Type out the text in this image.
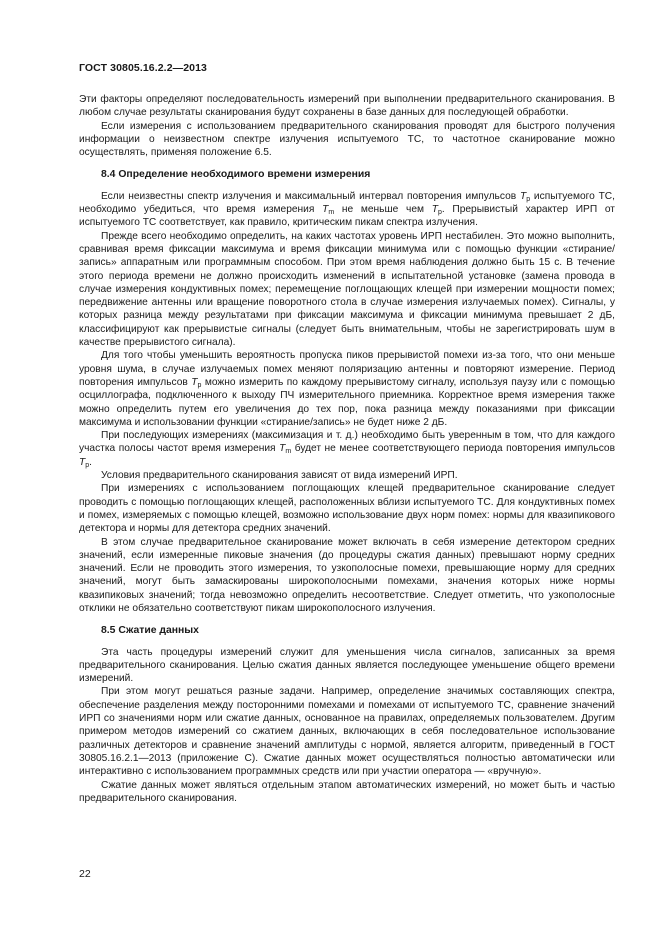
ГОСТ 30805.16.2.2—2013

Эти факторы определяют последовательность измерений при выполнении предварительного сканирования. В любом случае результаты сканирования будут сохранены в базе данных для последующей обработки.

Если измерения с использованием предварительного сканирования проводят для быстрого получения информации о неизвестном спектре излучения испытуемого ТС, то частотное сканирование можно осуществлять, применяя положение 6.5.

8.4 Определение необходимого времени измерения

Если неизвестны спектр излучения и максимальный интервал повторения импульсов $T_p$ испытуемого ТС, необходимо убедиться, что время измерения $T_m$ не меньше чем $T_p$. Прерывистый характер ИРП от испытуемого ТС соответствует, как правило, критическим пикам спектра излучения.

Прежде всего необходимо определить, на каких частотах уровень ИРП нестабилен. Это можно выполнить, сравнивая время фиксации максимума и время фиксации минимума или с помощью функции «стирание/запись» аппаратным или программным способом. При этом время наблюдения должно быть 15 с. В течение этого периода времени не должно происходить изменений в испытательной установке (замена провода в случае измерения кондуктивных помех; перемещение поглощающих клещей при измерении мощности помех; передвижение антенны или вращение поворотного стола в случае измерения излучаемых помех). Сигналы, у которых разница между результатами при фиксации максимума и фиксации минимума превышает 2 дБ, классифицируют как прерывистые сигналы (следует быть внимательным, чтобы не зарегистрировать шум в качестве прерывистого сигнала).

Для того чтобы уменьшить вероятность пропуска пиков прерывистой помехи из-за того, что они меньше уровня шума, в случае излучаемых помех меняют поляризацию антенны и повторяют измерение. Период повторения импульсов $T_p$ можно измерить по каждому прерывистому сигналу, используя паузу или с помощью осциллографа, подключенного к выходу ПЧ измерительного приемника. Корректное время измерения также можно определить путем его увеличения до тех пор, пока разница между показаниями при фиксации максимума и использовании функции «стирание/запись» не будет ниже 2 дБ.

При последующих измерениях (максимизация и т. д.) необходимо быть уверенным в том, что для каждого участка полосы частот время измерения $T_m$ будет не менее соответствующего периода повторения импульсов $T_p$.

Условия предварительного сканирования зависят от вида измерений ИРП.

При измерениях с использованием поглощающих клещей предварительное сканирование следует проводить с помощью поглощающих клещей, расположенных вблизи испытуемого ТС. Для кондуктивных помех и помех, измеряемых с помощью клещей, возможно использование двух норм помех: нормы для квазипикового детектора и нормы для детектора средних значений.

В этом случае предварительное сканирование может включать в себя измерение детектором средних значений, если измеренные пиковые значения (до процедуры сжатия данных) превышают норму средних значений. Если не проводить этого измерения, то узкополосные помехи, превышающие норму для средних значений, могут быть замаскированы широкополосными помехами, значения которых ниже нормы квазипиковых значений; тогда невозможно определить несоответствие. Следует отметить, что узкополосные отклики не обязательно соответствуют пикам широкополосного излучения.

8.5 Сжатие данных

Эта часть процедуры измерений служит для уменьшения числа сигналов, записанных за время предварительного сканирования. Целью сжатия данных является последующее уменьшение общего времени измерений.

При этом могут решаться разные задачи. Например, определение значимых составляющих спектра, обеспечение разделения между посторонними помехами и помехами от испытуемого ТС, сравнение значений ИРП со значениями норм или сжатие данных, основанное на правилах, определяемых пользователем. Другим примером методов измерений со сжатием данных, включающих в себя последовательное использование различных детекторов и сравнение значений амплитуды с нормой, является алгоритм, приведенный в ГОСТ 30805.16.2.1—2013 (приложение С). Сжатие данных может осуществляться полностью автоматически или интерактивно с использованием программных средств или при участии оператора — «вручную».

Сжатие данных может являться отдельным этапом автоматических измерений, но может быть и частью предварительного сканирования.

22
